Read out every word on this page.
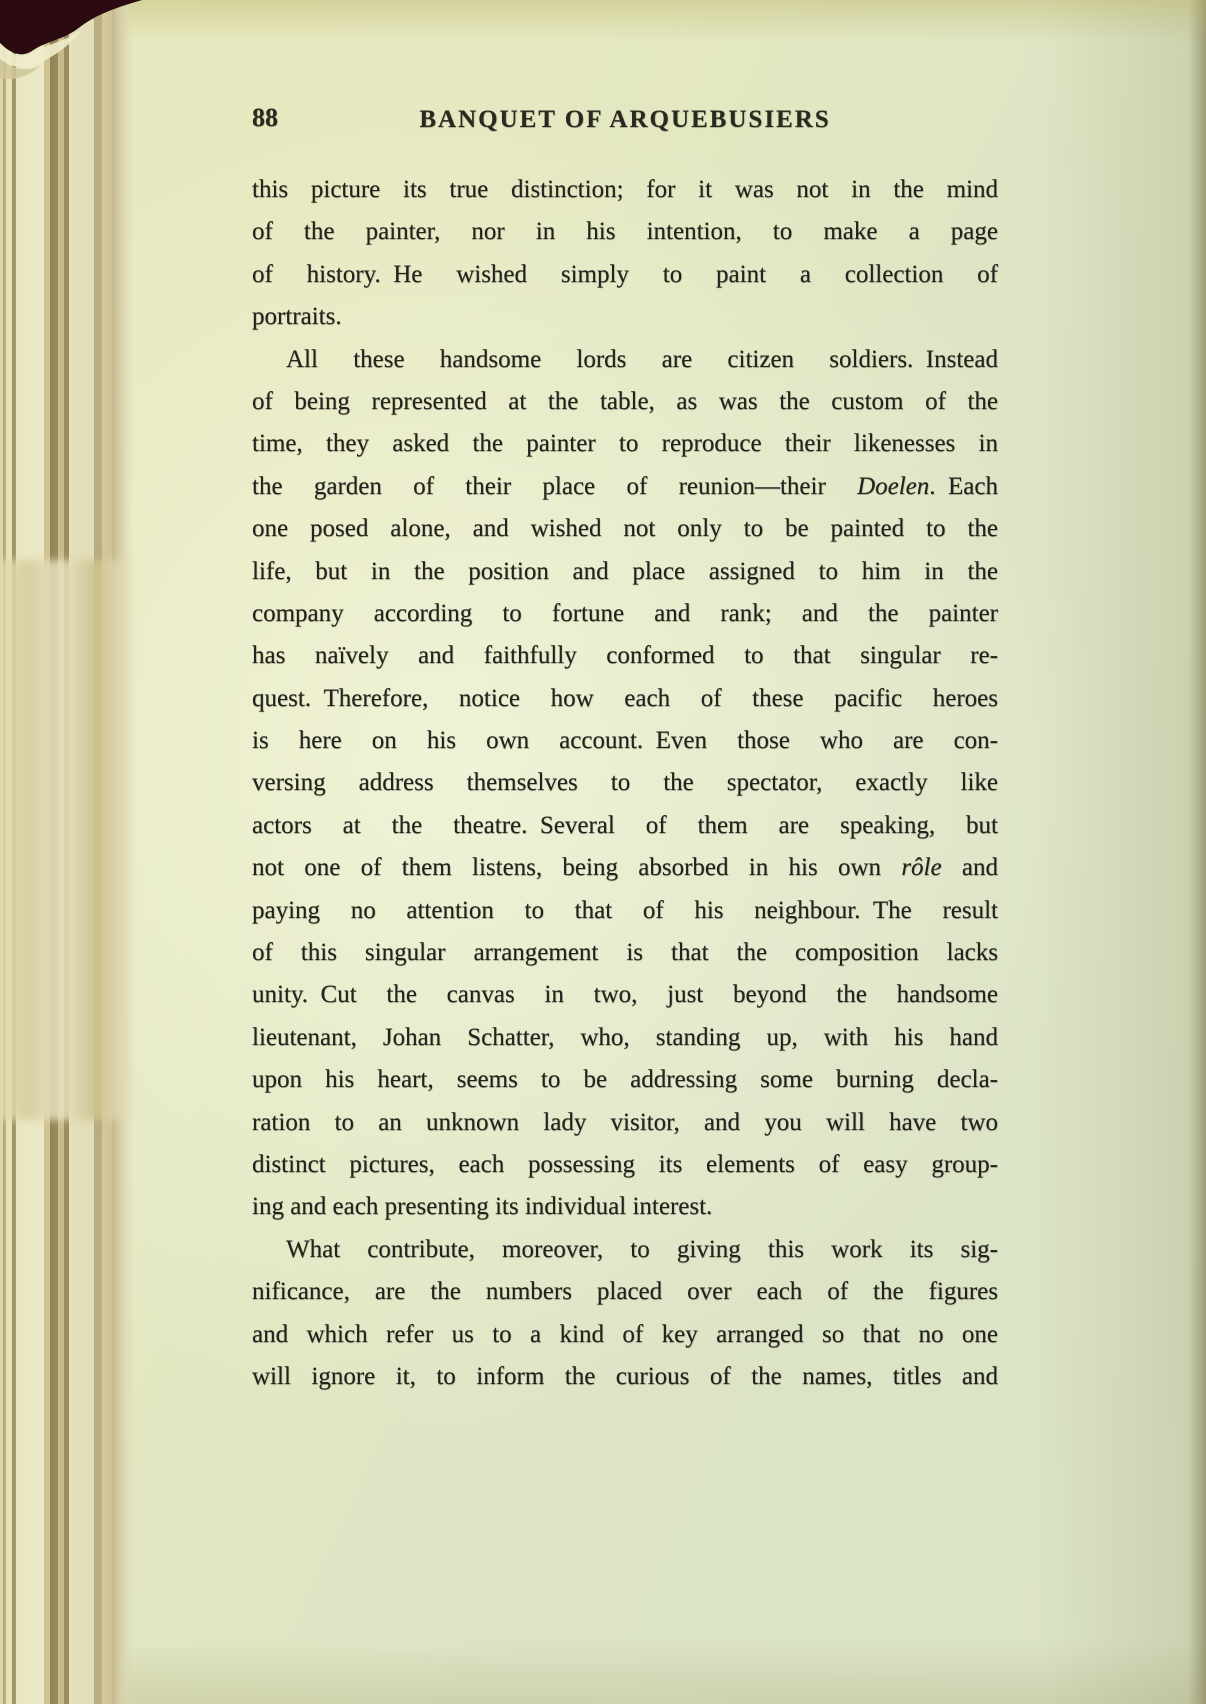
88	BANQUET OF ARQUEBUSIERS
this picture its true distinction; for it was not in the mind
of the painter, nor in his intention, to make a page
of history. He wished simply to paint a collection of
portraits.
All these handsome lords are citizen soldiers. Instead
of being represented at the table, as was the custom of the
time, they asked the painter to reproduce their likenesses in
the garden of their place of reunion—their Doelen. Each
one posed alone, and wished not only to be painted to the
life, but in the position and place assigned to him in the
company according to fortune and rank; and the painter
has naïvely and faithfully conformed to that singular re-
quest. Therefore, notice how each of these pacific heroes
is here on his own account. Even those who are con-
versing address themselves to the spectator, exactly like
actors at the theatre. Several of them are speaking, but
not one of them listens, being absorbed in his own rôle and
paying no attention to that of his neighbour. The result
of this singular arrangement is that the composition lacks
unity. Cut the canvas in two, just beyond the handsome
lieutenant, Johan Schatter, who, standing up, with his hand
upon his heart, seems to be addressing some burning decla-
ration to an unknown lady visitor, and you will have two
distinct pictures, each possessing its elements of easy group-
ing and each presenting its individual interest.
What contribute, moreover, to giving this work its sig-
nificance, are the numbers placed over each of the figures
and which refer us to a kind of key arranged so that no one
will ignore it, to inform the curious of the names, titles and
